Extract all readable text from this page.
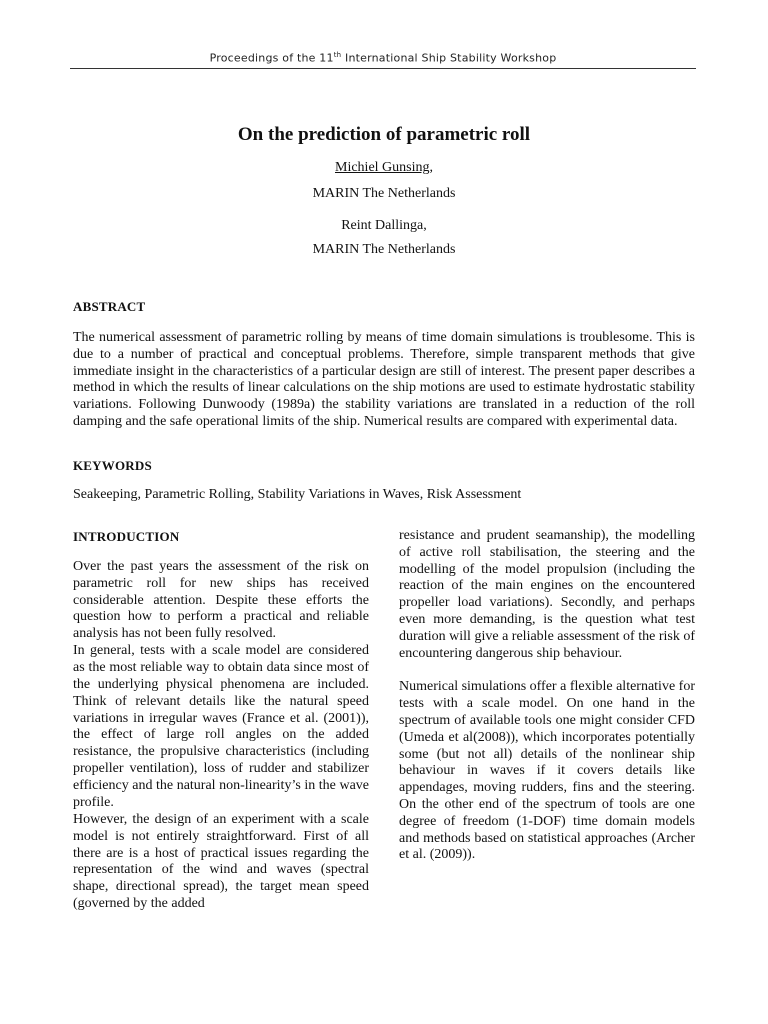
Proceedings of the 11th International Ship Stability Workshop
On the prediction of parametric roll
Michiel Gunsing,
MARIN The Netherlands
Reint Dallinga,
MARIN The Netherlands
ABSTRACT
The numerical assessment of parametric rolling by means of time domain simulations is troublesome. This is due to a number of practical and conceptual problems. Therefore, simple transparent methods that give immediate insight in the characteristics of a particular design are still of interest. The present paper describes a method in which the results of linear calculations on the ship motions are used to estimate hydrostatic stability variations. Following Dunwoody (1989a) the stability variations are translated in a reduction of the roll damping and the safe operational limits of the ship. Numerical results are compared with experimental data.
KEYWORDS
Seakeeping, Parametric Rolling, Stability Variations in Waves, Risk Assessment
INTRODUCTION

Over the past years the assessment of the risk on parametric roll for new ships has received considerable attention. Despite these efforts the question how to perform a practical and reliable analysis has not been fully resolved.

In general, tests with a scale model are considered as the most reliable way to obtain data since most of the underlying physical phenomena are included. Think of relevant details like the natural speed variations in irregular waves (France et al. (2001)), the effect of large roll angles on the added resistance, the propulsive characteristics (including propeller ventilation), loss of rudder and stabilizer efficiency and the natural non-linearity’s in the wave profile.

However, the design of an experiment with a scale model is not entirely straightforward. First of all there are is a host of practical issues regarding the representation of the wind and waves (spectral shape, directional spread), the target mean speed (governed by the added

resistance and prudent seamanship), the modelling of active roll stabilisation, the steering and the modelling of the model propulsion (including the reaction of the main engines on the encountered propeller load variations). Secondly, and perhaps even more demanding, is the question what test duration will give a reliable assessment of the risk of encountering dangerous ship behaviour.

Numerical simulations offer a flexible alternative for tests with a scale model. On one hand in the spectrum of available tools one might consider CFD (Umeda et al(2008)), which incorporates potentially some (but not all) details of the nonlinear ship behaviour in waves if it covers details like appendages, moving rudders, fins and the steering. On the other end of the spectrum of tools are one degree of freedom (1-DOF) time domain models and methods based on statistical approaches (Archer et al. (2009)).
